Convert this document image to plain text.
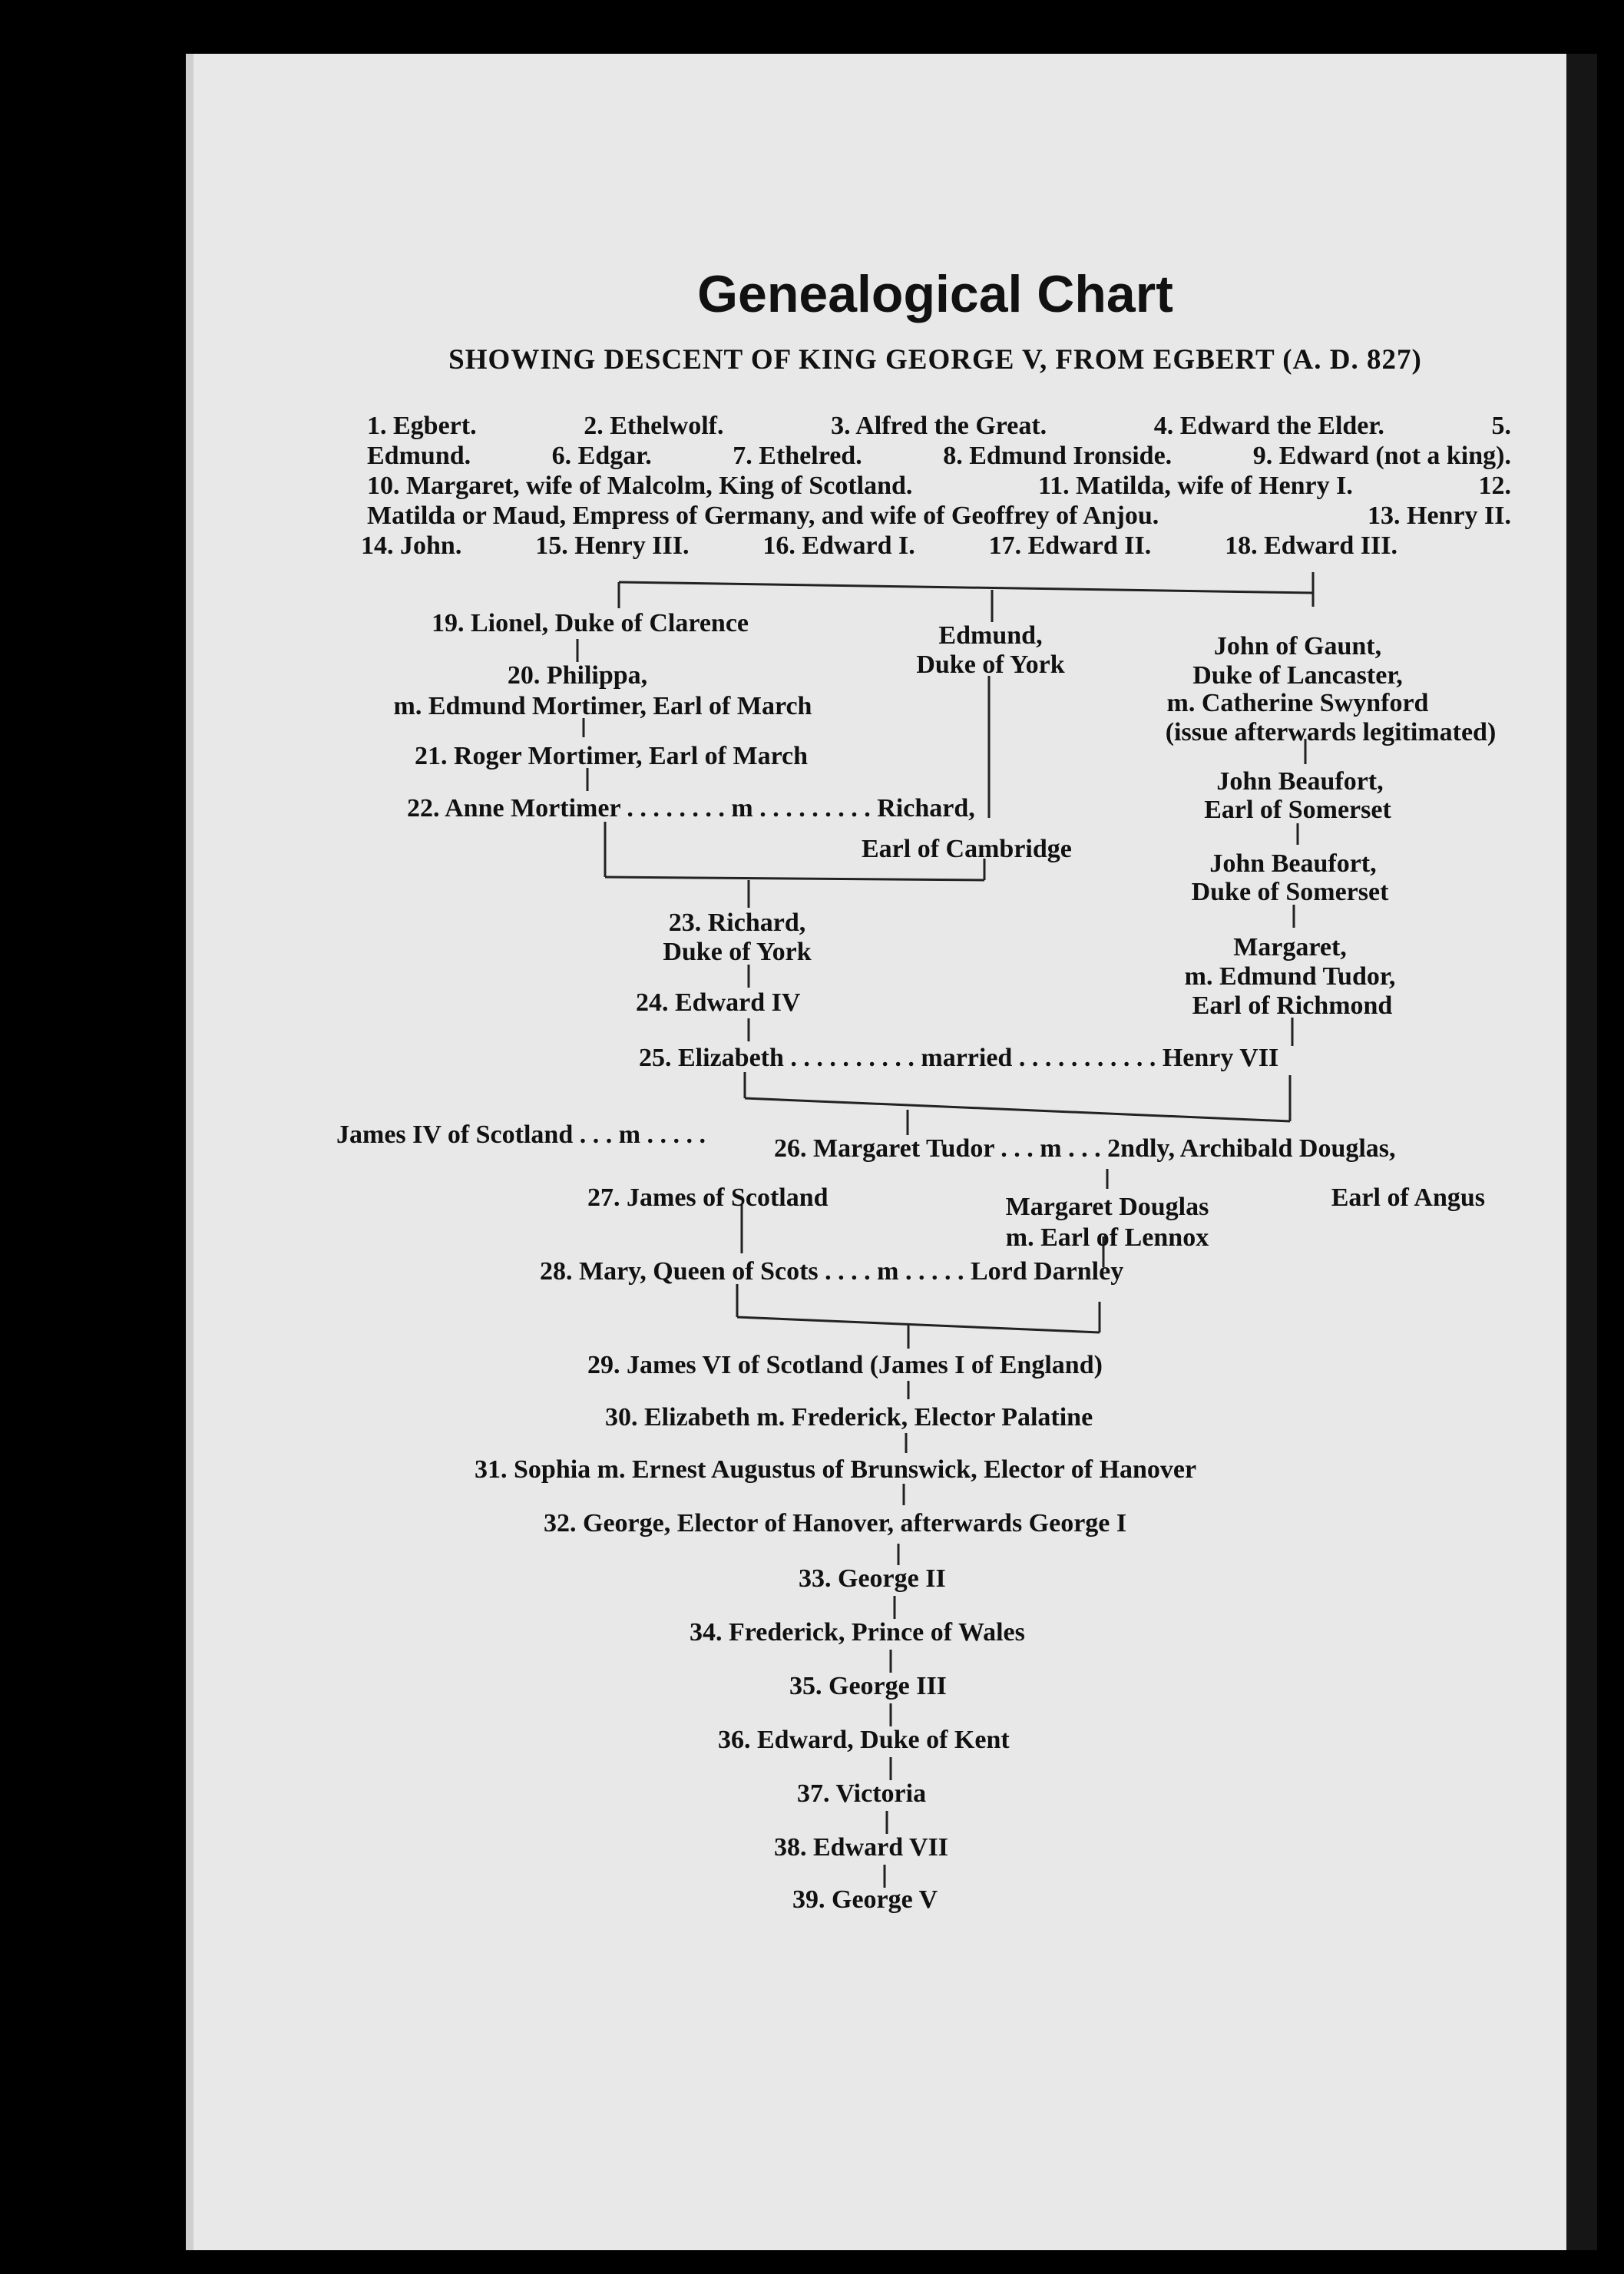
Genealogical Chart
SHOWING DESCENT OF KING GEORGE V, FROM EGBERT (A. D. 827)
1. Egbert.	2. Ethelwolf.	3. Alfred the Great.	4. Edward the Elder.	5.
Edmund.	6. Edgar.	7. Ethelred.	8. Edmund Ironside.	9. Edward (not a king).
10. Margaret, wife of Malcolm, King of Scotland.	11. Matilda, wife of Henry I.	12.
Matilda or Maud, Empress of Germany, and wife of Geoffrey of Anjou.	13. Henry II.
14. John.	15. Henry III.	16. Edward I.	17. Edward II.	18. Edward III.
19. Lionel, Duke of Clarence
20. Philippa,
m. Edmund Mortimer, Earl of March
21. Roger Mortimer, Earl of March
22. Anne Mortimer . . . . . . . . m . . . . . . . . . Richard,
Earl of Cambridge
Edmund,
Duke of York
John of Gaunt,
Duke of Lancaster,
m. Catherine Swynford
(issue afterwards legitimated)
John Beaufort,
Earl of Somerset
John Beaufort,
Duke of Somerset
Margaret,
m. Edmund Tudor,
Earl of Richmond
23. Richard,
Duke of York
24. Edward IV
25. Elizabeth . . . . . . . . . . married . . . . . . . . . . . Henry VII
James IV of Scotland . . . m . . . . .	26. Margaret Tudor . . . m . . . 2ndly, Archibald Douglas,
Earl of Angus
27. James of Scotland	Margaret Douglas
m. Earl of Lennox
28. Mary, Queen of Scots . . . . m . . . . . Lord Darnley
29. James VI of Scotland (James I of England)
30. Elizabeth m. Frederick, Elector Palatine
31. Sophia m. Ernest Augustus of Brunswick, Elector of Hanover
32. George, Elector of Hanover, afterwards George I
33. George II
34. Frederick, Prince of Wales
35. George III
36. Edward, Duke of Kent
37. Victoria
38. Edward VII
39. George V
